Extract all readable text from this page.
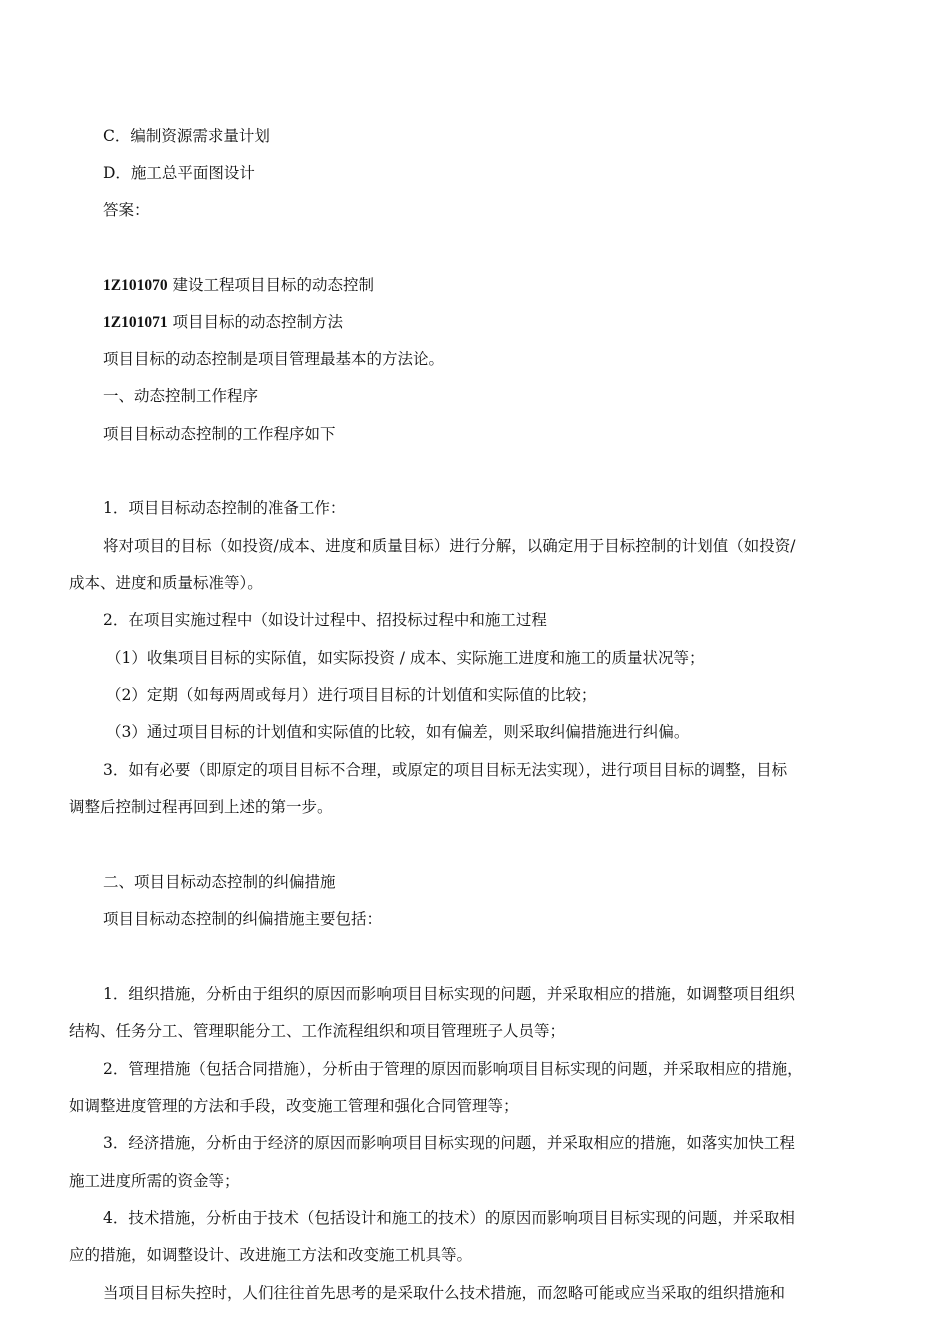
C．编制资源需求量计划
D．施工总平面图设计
答案：
1Z101070 建设工程项目目标的动态控制
1Z101071 项目目标的动态控制方法
项目目标的动态控制是项目管理最基本的方法论。
一、动态控制工作程序
项目目标动态控制的工作程序如下
1．项目目标动态控制的准备工作：
将对项目的目标（如投资/成本、进度和质量目标）进行分解，以确定用于目标控制的计划值（如投资/
成本、进度和质量标准等）。
2．在项目实施过程中（如设计过程中、招投标过程中和施工过程
（1）收集项目目标的实际值，如实际投资 / 成本、实际施工进度和施工的质量状况等；
（2）定期（如每两周或每月）进行项目目标的计划值和实际值的比较；
（3）通过项目目标的计划值和实际值的比较，如有偏差，则采取纠偏措施进行纠偏。
3．如有必要（即原定的项目目标不合理，或原定的项目目标无法实现），进行项目目标的调整，目标
调整后控制过程再回到上述的第一步。
二、项目目标动态控制的纠偏措施
项目目标动态控制的纠偏措施主要包括：
1．组织措施，分析由于组织的原因而影响项目目标实现的问题，并采取相应的措施，如调整项目组织
结构、任务分工、管理职能分工、工作流程组织和项目管理班子人员等；
2．管理措施（包括合同措施），分析由于管理的原因而影响项目目标实现的问题，并采取相应的措施，
如调整进度管理的方法和手段，改变施工管理和强化合同管理等；
3．经济措施，分析由于经济的原因而影响项目目标实现的问题，并采取相应的措施，如落实加快工程
施工进度所需的资金等；
4．技术措施，分析由于技术（包括设计和施工的技术）的原因而影响项目目标实现的问题，并采取相
应的措施，如调整设计、改进施工方法和改变施工机具等。
当项目目标失控时，人们往往首先思考的是采取什么技术措施，而忽略可能或应当采取的组织措施和
